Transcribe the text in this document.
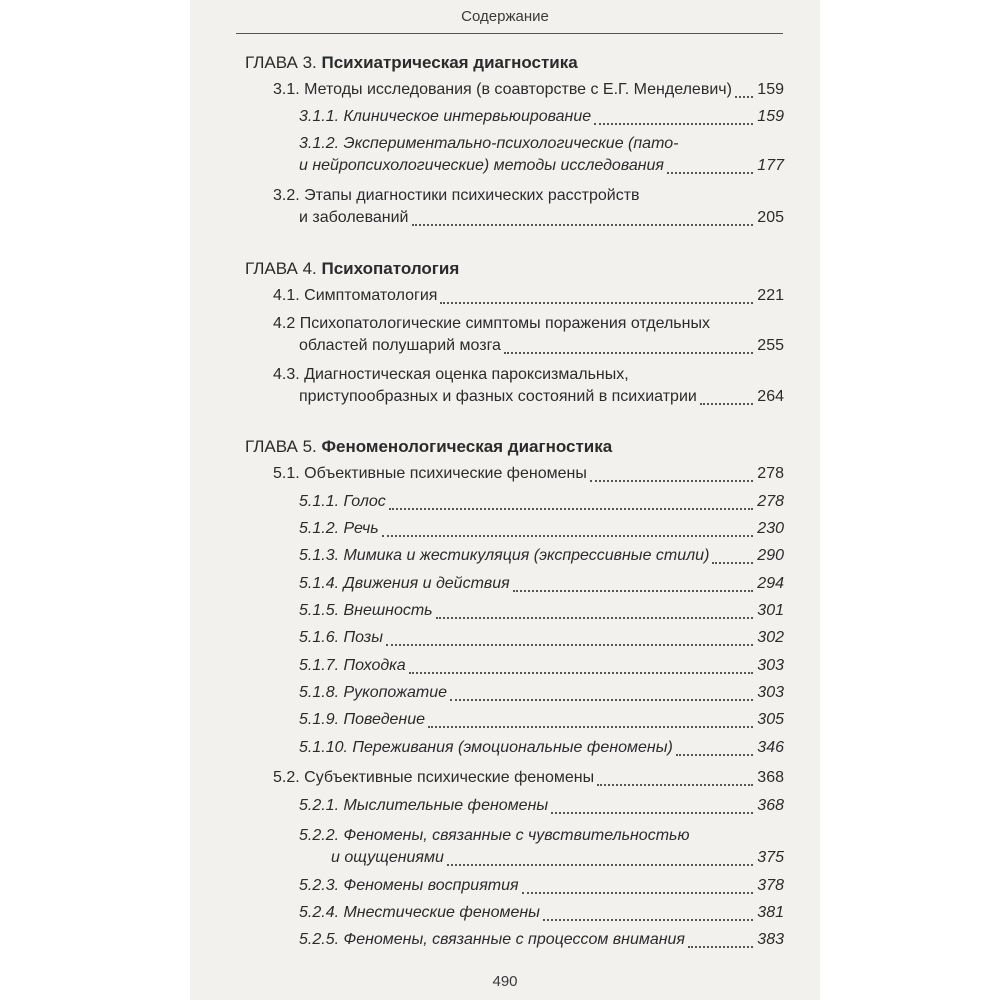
Содержание
ГЛАВА 3.
Психиатрическая диагностика
3.1. Методы исследования (в соавторстве с Е.Г. Менделевич) 159
3.1.1. Клиническое интервьюирование	159
3.1.2. Экспериментально-психологические (пато-
и нейропсихологические) методы исследования	177
3.2. Этапы диагностики психических расстройств
и заболеваний	205
ГЛАВА 4.
Психопатология
4.1. Симптоматология	221
4.2 Психопатологические симптомы поражения отдельных
областей полушарий мозга	255
4.3. Диагностическая оценка пароксизмальных,
приступообразных и фазных состояний в психиатрии	264
ГЛАВА 5.
Феноменологическая диагностика
5.1. Объективные психические феномены	278
5.1.1. Голос	278
5.1.2. Речь	230
5.1.3. Мимика и жестикуляция (экспрессивные стили)	290
5.1.4. Движения и действия	294
5.1.5. Внешность	301
5.1.6. Позы	302
5.1.7. Походка	303
5.1.8. Рукопожатие	303
5.1.9. Поведение	305
5.1.10. Переживания (эмоциональные феномены)	346
5.2. Субъективные психические феномены	368
5.2.1. Мыслительные феномены	368
5.2.2. Феномены, связанные с чувствительностью
и ощущениями	375
5.2.3. Феномены восприятия	378
5.2.4. Мнестические феномены	381
5.2.5. Феномены, связанные с процессом внимания	383
490
